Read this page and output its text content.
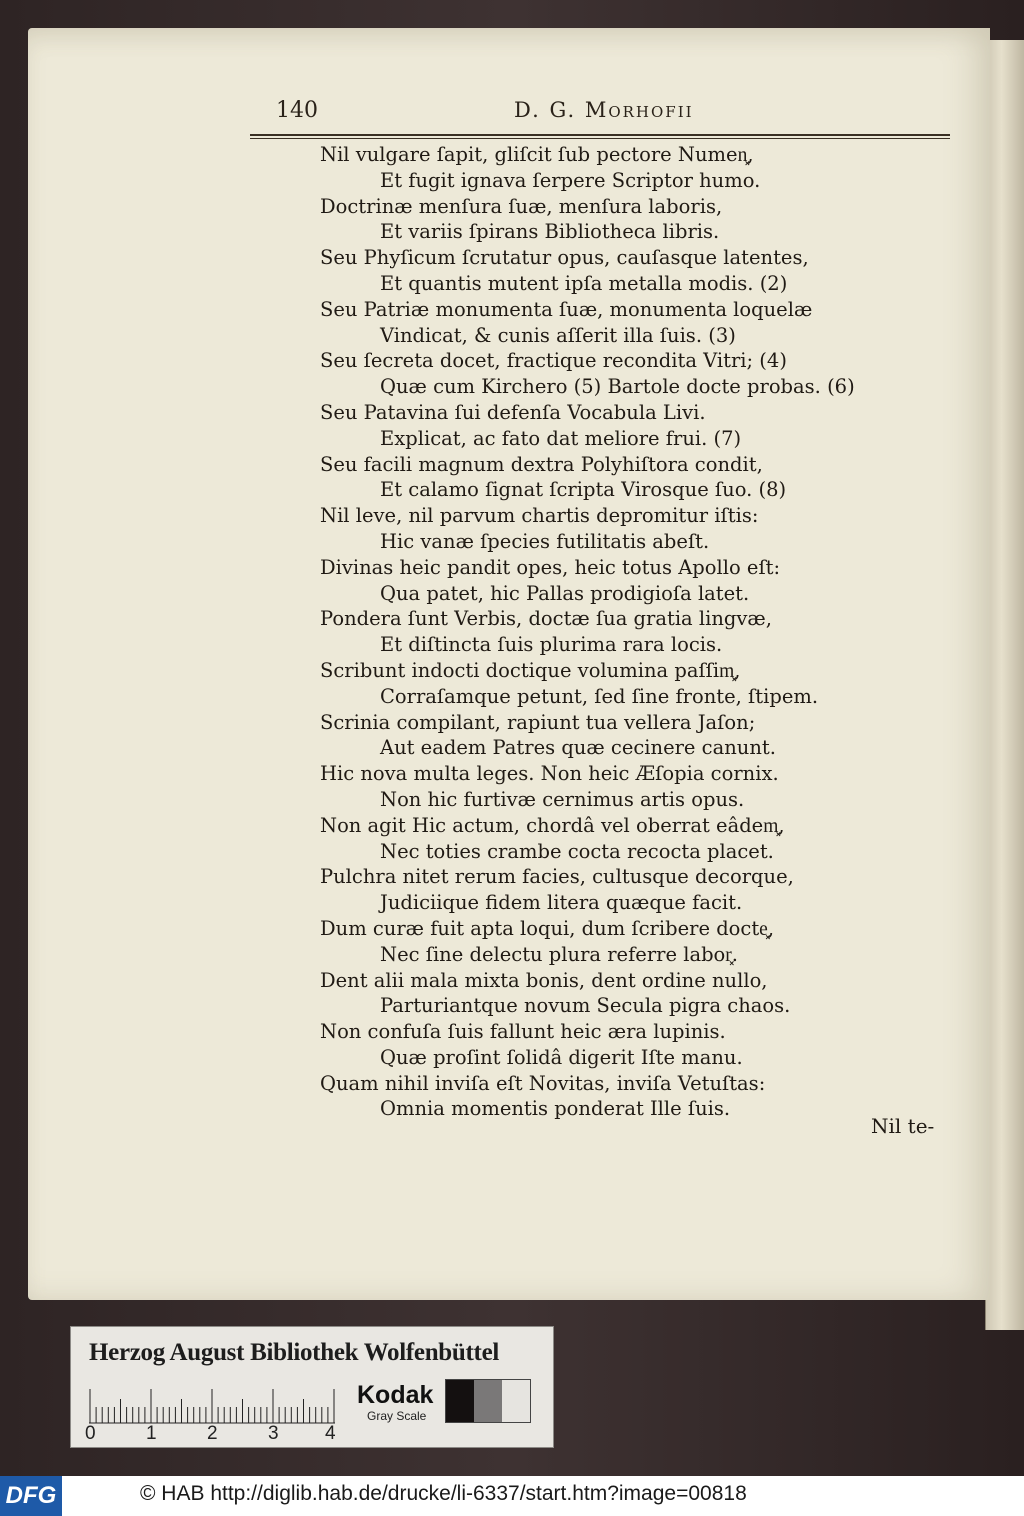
140	D. G. Morhofii
Nil vulgare ſapit, gliſcit ſub pectore Numen͓,
Et fugit ignava ſerpere Scriptor humo.
Doctrinæ menſura ſuæ, menſura laboris,
Et variis ſpirans Bibliotheca libris.
Seu Phyſicum ſcrutatur opus, cauſasque latentes,
Et quantis mutent ipſa metalla modis. (2)
Seu Patriæ monumenta ſuæ, monumenta loquelæ
Vindicat, & cunis aſſerit illa ſuis. (3)
Seu ſecreta docet, fractique recondita Vitri; (4)
Quæ cum Kirchero (5) Bartole docte probas. (6)
Seu Patavina ſui defenſa Vocabula Livi.
Explicat, ac fato dat meliore frui. (7)
Seu facili magnum dextra Polyhiſtora condit,
Et calamo ſignat ſcripta Virosque ſuo. (8)
Nil leve, nil parvum chartis depromitur iſtis:
Hic vanæ ſpecies futilitatis abeſt.
Divinas heic pandit opes, heic totus Apollo eſt:
Qua patet, hic Pallas prodigioſa latet.
Pondera ſunt Verbis, doctæ ſua gratia lingvæ,
Et diſtincta ſuis plurima rara locis.
Scribunt indocti doctique volumina paſſim͓,
Corraſamque petunt, ſed ſine fronte, ſtipem.
Scrinia compilant, rapiunt tua vellera Jaſon;
Aut eadem Patres quæ cecinere canunt.
Hic nova multa leges. Non heic Æſopia cornix.
Non hic furtivæ cernimus artis opus.
Non agit Hic actum, chordâ vel oberrat eâdem͓,
Nec toties crambe cocta recocta placet.
Pulchra nitet rerum facies, cultusque decorque,
Judiciique fidem litera quæque facit.
Dum curæ fuit apta loqui, dum ſcribere docte͓,
Nec ſine delectu plura referre labor͓.
Dent alii mala mixta bonis, dent ordine nullo,
Parturiantque novum Secula pigra chaos.
Non confuſa ſuis fallunt heic æra lupinis.
Quæ proſint ſolidâ digerit Iſte manu.
Quam nihil inviſa eſt Novitas, inviſa Vetuſtas:
Omnia momentis ponderat Ille ſuis.
Nil te-
Herzog August Bibliothek Wolfenbüttel
0	1	2	3 4
Kodak
Gray Scale
DFG	© HAB http://diglib.hab.de/drucke/li-6337/start.htm?image=00818
